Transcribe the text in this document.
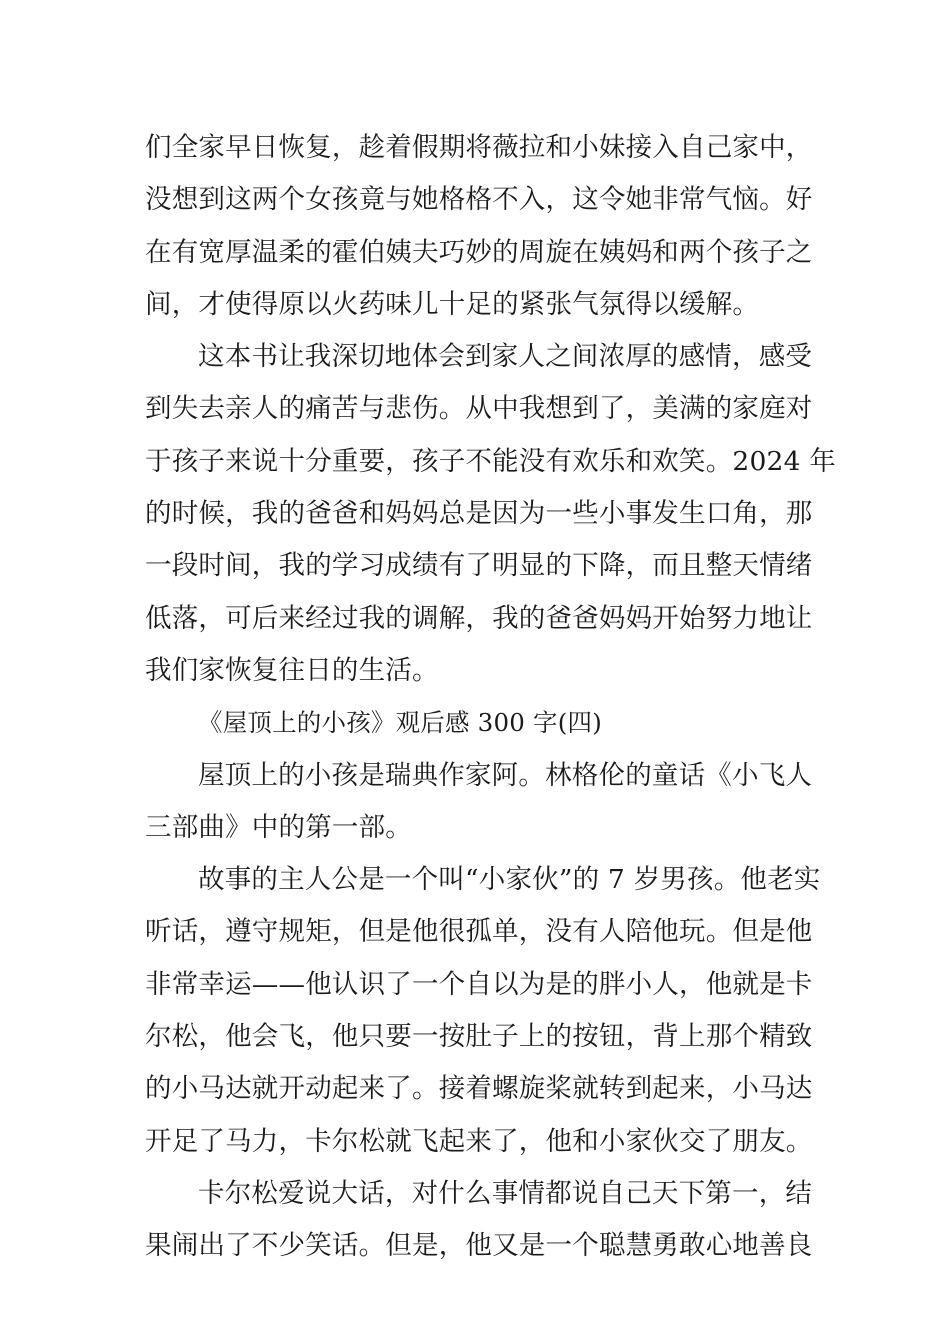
们全家早日恢复，趁着假期将薇拉和小妹接入自己家中，
没想到这两个女孩竟与她格格不入，这令她非常气恼。好
在有宽厚温柔的霍伯姨夫巧妙的周旋在姨妈和两个孩子之
间，才使得原以火药味儿十足的紧张气氛得以缓解。
这本书让我深切地体会到家人之间浓厚的感情，感受
到失去亲人的痛苦与悲伤。从中我想到了，美满的家庭对
于孩子来说十分重要，孩子不能没有欢乐和欢笑。2024 年
的时候，我的爸爸和妈妈总是因为一些小事发生口角，那
一段时间，我的学习成绩有了明显的下降，而且整天情绪
低落，可后来经过我的调解，我的爸爸妈妈开始努力地让
我们家恢复往日的生活。
《屋顶上的小孩》观后感 300 字(四)
屋顶上的小孩是瑞典作家阿。林格伦的童话《小飞人
三部曲》中的第一部。
故事的主人公是一个叫“小家伙”的 7 岁男孩。他老实
听话，遵守规矩，但是他很孤单，没有人陪他玩。但是他
非常幸运——他认识了一个自以为是的胖小人，他就是卡
尔松，他会飞，他只要一按肚子上的按钮，背上那个精致
的小马达就开动起来了。接着螺旋桨就转到起来，小马达
开足了马力，卡尔松就飞起来了，他和小家伙交了朋友。
卡尔松爱说大话，对什么事情都说自己天下第一，结
果闹出了不少笑话。但是，他又是一个聪慧勇敢心地善良
